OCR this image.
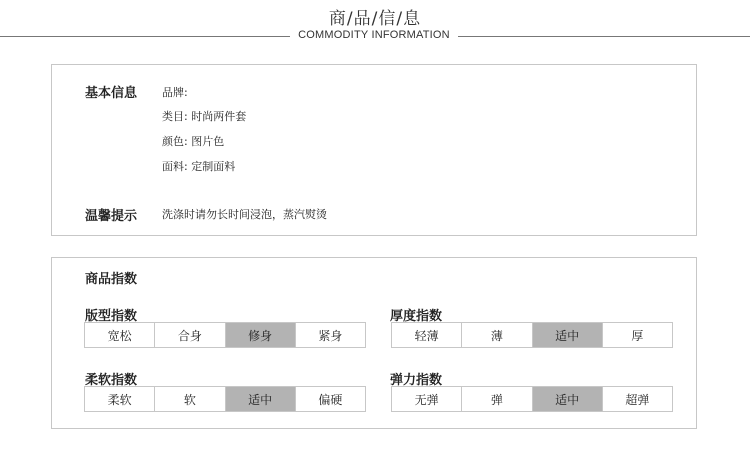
商/品/信/息
COMMODITY INFORMATION
基本信息 品牌:
类目: 时尚两件套
颜色: 图片色
面料: 定制面料
温馨提示 洗涤时请勿长时间浸泡，蒸汽熨烫
商品指数
版型指数
宽松	合身	修身	紧身
厚度指数
轻薄	薄	适中	厚
柔软指数
柔软	软	适中	偏硬
弹力指数
无弹	弹	适中	超弹
